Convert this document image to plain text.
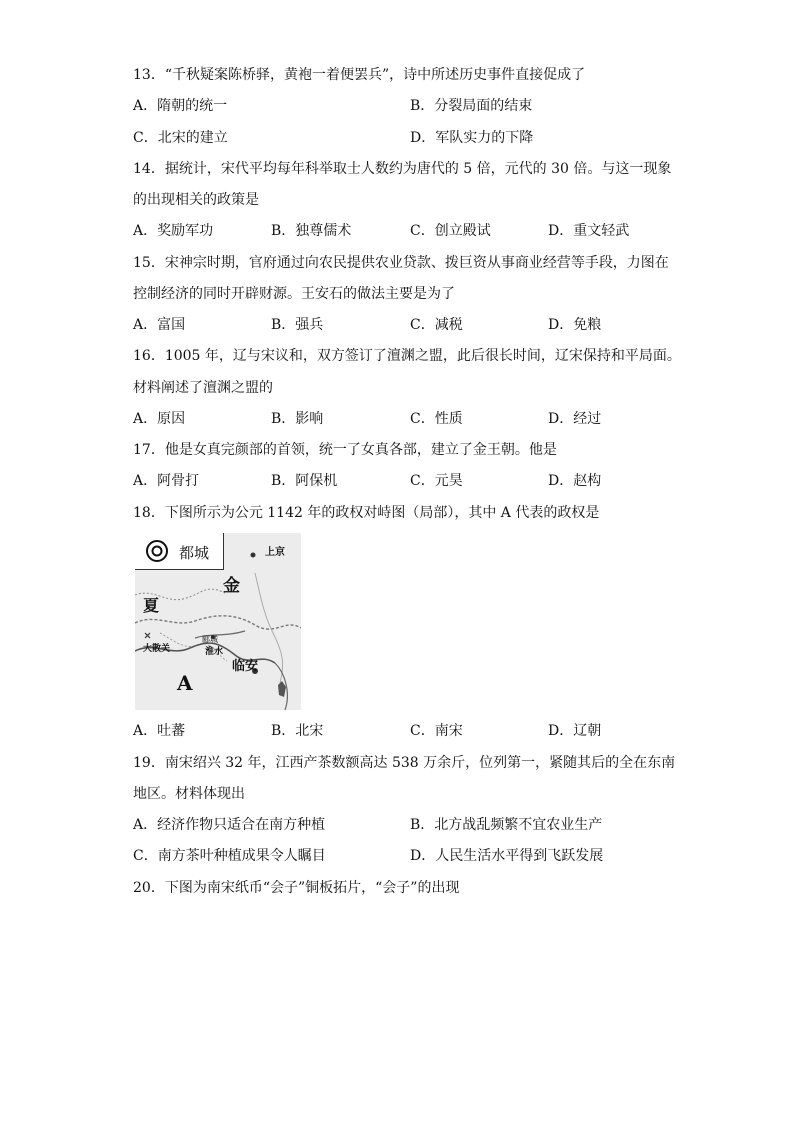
13．“千秋疑案陈桥驿，黄袍一着便罢兵”，诗中所述历史事件直接促成了
A．隋朝的统一	B．分裂局面的结束
C．北宋的建立	D．军队实力的下降
14．据统计，宋代平均每年科举取士人数约为唐代的 5 倍，元代的 30 倍。与这一现象
的出现相关的政策是
A．奖励军功	B．独尊儒术	C．创立殿试	D．重文轻武
15．宋神宗时期，官府通过向农民提供农业贷款、拨巨资从事商业经营等手段，力图在
控制经济的同时开辟财源。王安石的做法主要是为了
A．富国	B．强兵	C．减税	D．免粮
16．1005 年，辽与宋议和，双方签订了澶渊之盟，此后很长时间，辽宋保持和平局面。
材料阐述了澶渊之盟的
A．原因	B．影响	C．性质	D．经过
17．他是女真完颜部的首领，统一了女真各部，建立了金王朝。他是
A．阿骨打	B．阿保机	C．元昊	D．赵构
18．下图所示为公元 1142 年的政权对峙图（局部），其中 A 代表的政权是
都城	上京
金
夏
大散关
郾城
淮水
临安
A
A．吐蕃	B．北宋	C．南宋	D．辽朝
19．南宋绍兴 32 年，江西产茶数额高达 538 万余斤，位列第一，紧随其后的全在东南
地区。材料体现出
A．经济作物只适合在南方种植	B．北方战乱频繁不宜农业生产
C．南方茶叶种植成果令人瞩目	D．人民生活水平得到飞跃发展
20．下图为南宋纸币“会子”铜板拓片，“会子”的出现
